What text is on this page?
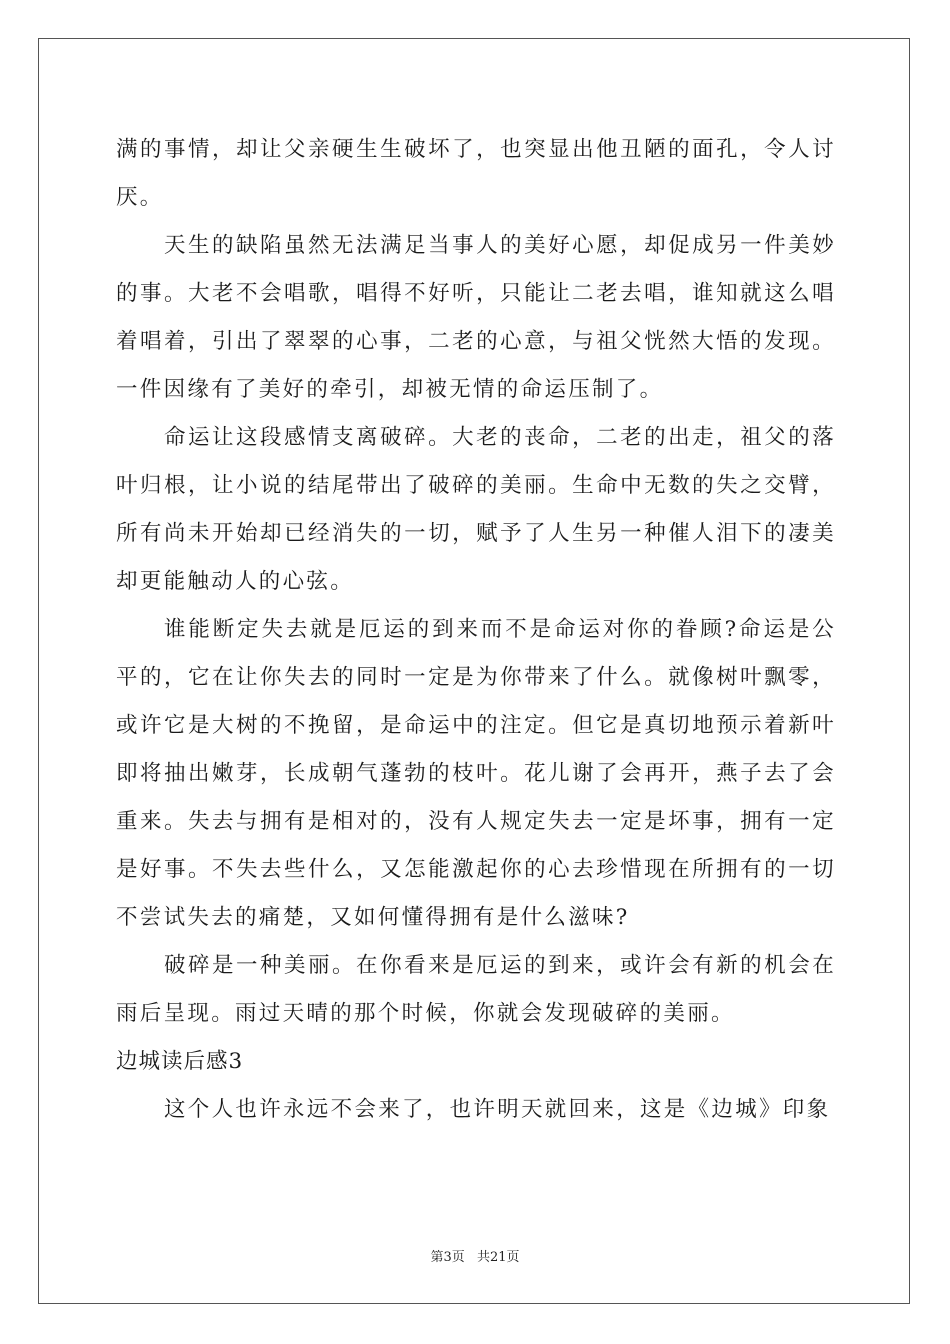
满的事情，却让父亲硬生生破坏了，也突显出他丑陋的面孔，令人讨厌。

天生的缺陷虽然无法满足当事人的美好心愿，却促成另一件美妙的事。大老不会唱歌，唱得不好听，只能让二老去唱，谁知就这么唱着唱着，引出了翠翠的心事，二老的心意，与祖父恍然大悟的发现。一件因缘有了美好的牵引，却被无情的命运压制了。

命运让这段感情支离破碎。大老的丧命，二老的出走，祖父的落叶归根，让小说的结尾带出了破碎的美丽。生命中无数的失之交臂，所有尚未开始却已经消失的一切，赋予了人生另一种催人泪下的凄美却更能触动人的心弦。

谁能断定失去就是厄运的到来而不是命运对你的眷顾?命运是公平的，它在让你失去的同时一定是为你带来了什么。就像树叶飘零，或许它是大树的不挽留，是命运中的注定。但它是真切地预示着新叶即将抽出嫩芽，长成朝气蓬勃的枝叶。花儿谢了会再开，燕子去了会重来。失去与拥有是相对的，没有人规定失去一定是坏事，拥有一定是好事。不失去些什么，又怎能激起你的心去珍惜现在所拥有的一切不尝试失去的痛楚，又如何懂得拥有是什么滋味?

破碎是一种美丽。在你看来是厄运的到来，或许会有新的机会在雨后呈现。雨过天晴的那个时候，你就会发现破碎的美丽。

边城读后感3

这个人也许永远不会来了，也许明天就回来，这是《边城》印象

第3页 共21页
